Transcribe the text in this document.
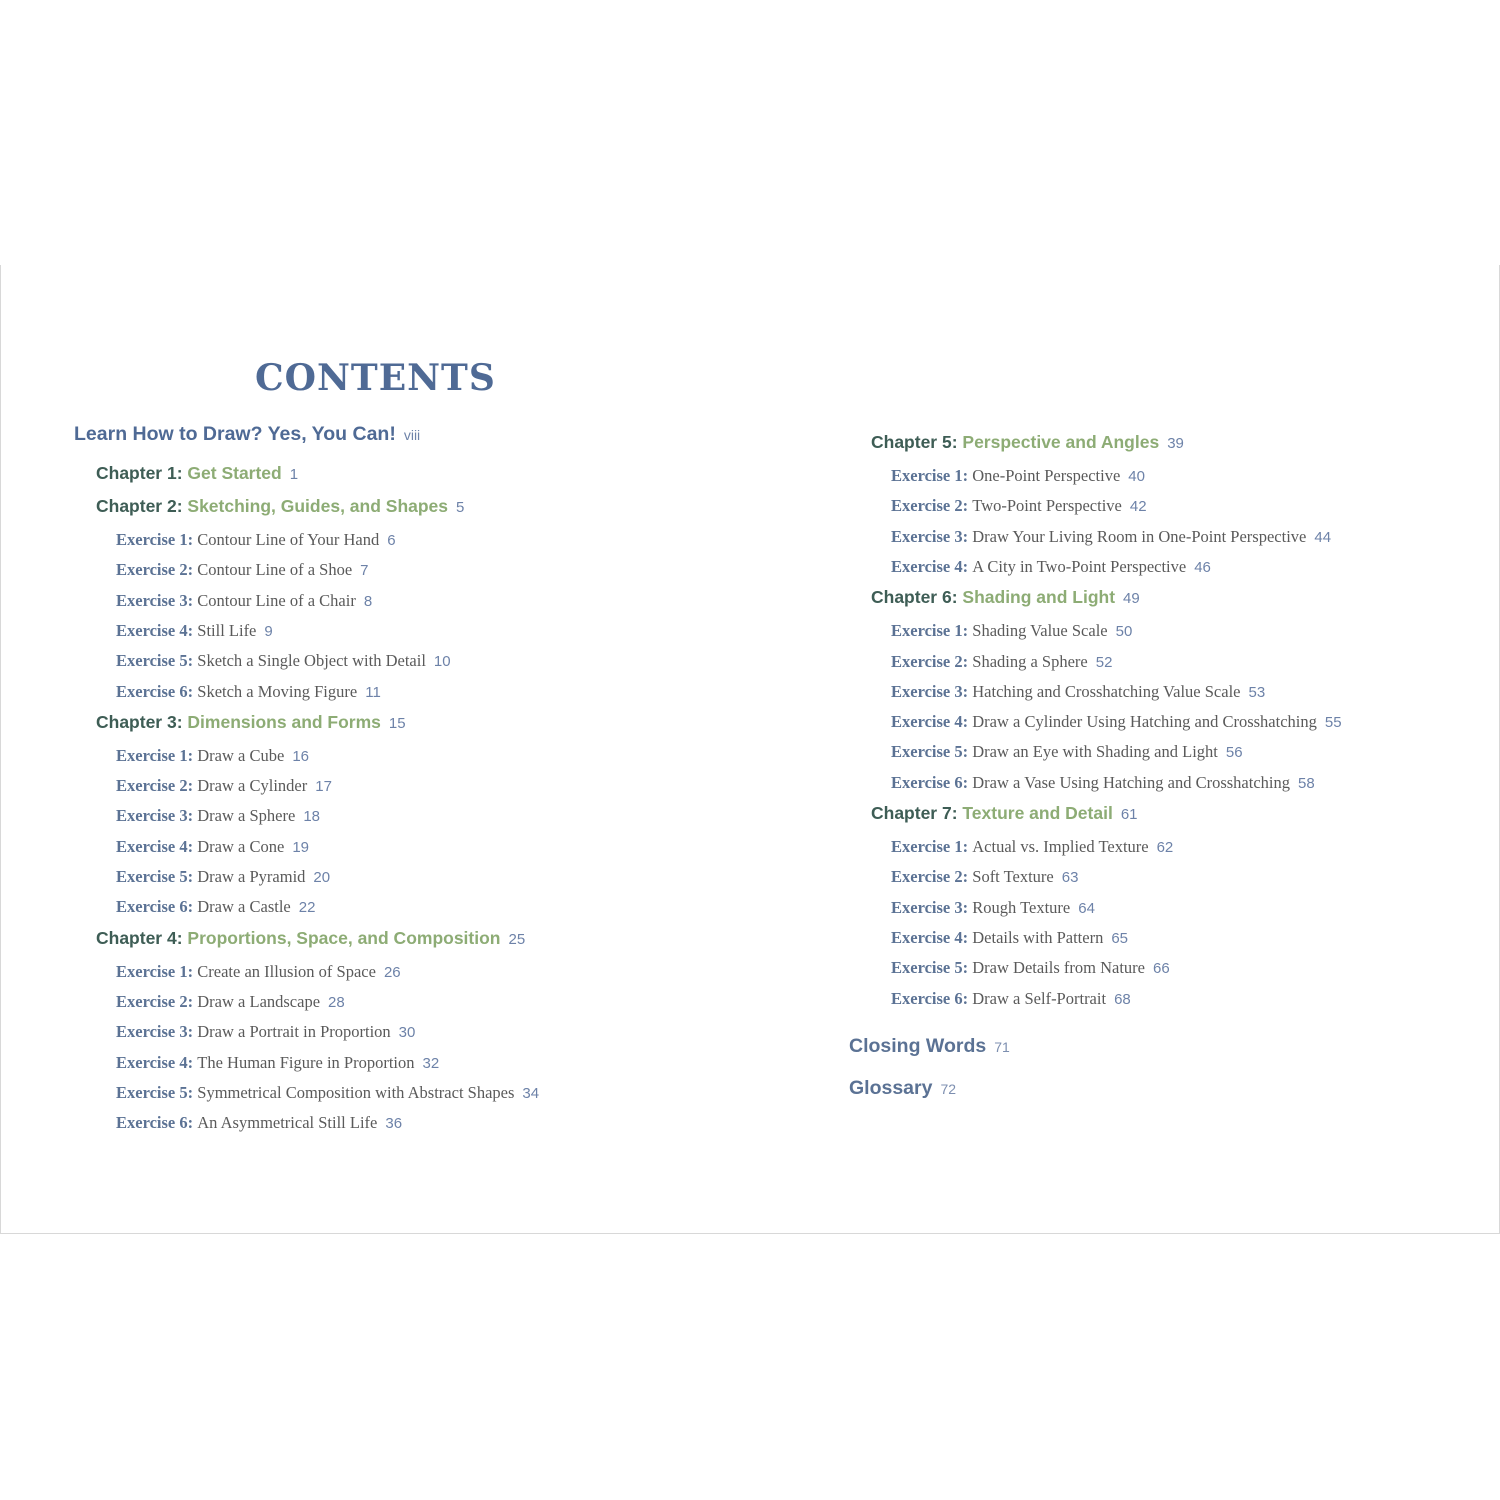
CONTENTS
Learn How to Draw? Yes, You Can! viii
Chapter 1: Get Started 1
Chapter 2: Sketching, Guides, and Shapes 5
Exercise 1: Contour Line of Your Hand 6
Exercise 2: Contour Line of a Shoe 7
Exercise 3: Contour Line of a Chair 8
Exercise 4: Still Life 9
Exercise 5: Sketch a Single Object with Detail 10
Exercise 6: Sketch a Moving Figure 11
Chapter 3: Dimensions and Forms 15
Exercise 1: Draw a Cube 16
Exercise 2: Draw a Cylinder 17
Exercise 3: Draw a Sphere 18
Exercise 4: Draw a Cone 19
Exercise 5: Draw a Pyramid 20
Exercise 6: Draw a Castle 22
Chapter 4: Proportions, Space, and Composition 25
Exercise 1: Create an Illusion of Space 26
Exercise 2: Draw a Landscape 28
Exercise 3: Draw a Portrait in Proportion 30
Exercise 4: The Human Figure in Proportion 32
Exercise 5: Symmetrical Composition with Abstract Shapes 34
Exercise 6: An Asymmetrical Still Life 36
Chapter 5: Perspective and Angles 39
Exercise 1: One-Point Perspective 40
Exercise 2: Two-Point Perspective 42
Exercise 3: Draw Your Living Room in One-Point Perspective 44
Exercise 4: A City in Two-Point Perspective 46
Chapter 6: Shading and Light 49
Exercise 1: Shading Value Scale 50
Exercise 2: Shading a Sphere 52
Exercise 3: Hatching and Crosshatching Value Scale 53
Exercise 4: Draw a Cylinder Using Hatching and Crosshatching 55
Exercise 5: Draw an Eye with Shading and Light 56
Exercise 6: Draw a Vase Using Hatching and Crosshatching 58
Chapter 7: Texture and Detail 61
Exercise 1: Actual vs. Implied Texture 62
Exercise 2: Soft Texture 63
Exercise 3: Rough Texture 64
Exercise 4: Details with Pattern 65
Exercise 5: Draw Details from Nature 66
Exercise 6: Draw a Self-Portrait 68
Closing Words 71
Glossary 72
